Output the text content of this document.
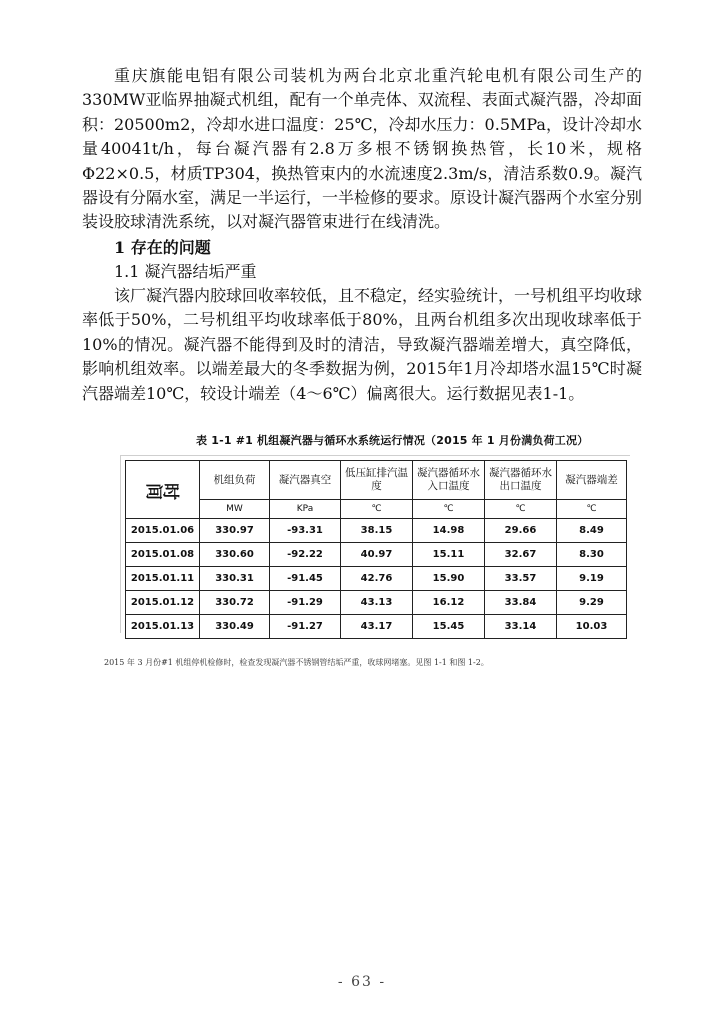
重庆旗能电铝有限公司装机为两台北京北重汽轮电机有限公司生产的330MW亚临界抽凝式机组，配有一个单壳体、双流程、表面式凝汽器，冷却面积：20500m2，冷却水进口温度：25℃，冷却水压力：0.5MPa，设计冷却水量40041t/h，每台凝汽器有2.8万多根不锈钢换热管，长10米，规格Φ22×0.5，材质TP304，换热管束内的水流速度2.3m/s，清洁系数0.9。凝汽器设有分隔水室，满足一半运行，一半检修的要求。原设计凝汽器两个水室分别装设胶球清洗系统，以对凝汽器管束进行在线清洗。

1 存在的问题

1.1 凝汽器结垢严重

该厂凝汽器内胶球回收率较低，且不稳定，经实验统计，一号机组平均收球率低于50%，二号机组平均收球率低于80%，且两台机组多次出现收球率低于10%的情况。凝汽器不能得到及时的清洁，导致凝汽器端差增大，真空降低，影响机组效率。以端差最大的冬季数据为例，2015年1月冷却塔水温15℃时凝汽器端差10℃，较设计端差（4～6℃）偏离很大。运行数据见表1-1。

表 1-1 #1 机组凝汽器与循环水系统运行情况（2015 年 1 月份满负荷工况）

时间	机组负荷	凝汽器真空	低压缸排汽温度	凝汽器循环水入口温度	凝汽器循环水出口温度	凝汽器端差
	MW	KPa	℃	℃	℃	℃
2015.01.06	330.97	-93.31	38.15	14.98	29.66	8.49
2015.01.08	330.60	-92.22	40.97	15.11	32.67	8.30
2015.01.11	330.31	-91.45	42.76	15.90	33.57	9.19
2015.01.12	330.72	-91.29	43.13	16.12	33.84	9.29
2015.01.13	330.49	-91.27	43.17	15.45	33.14	10.03

2015 年 3 月份#1 机组停机检修时，检查发现凝汽器不锈钢管结垢严重，收球网堵塞。见图 1-1 和图 1-2。

- 63 -
